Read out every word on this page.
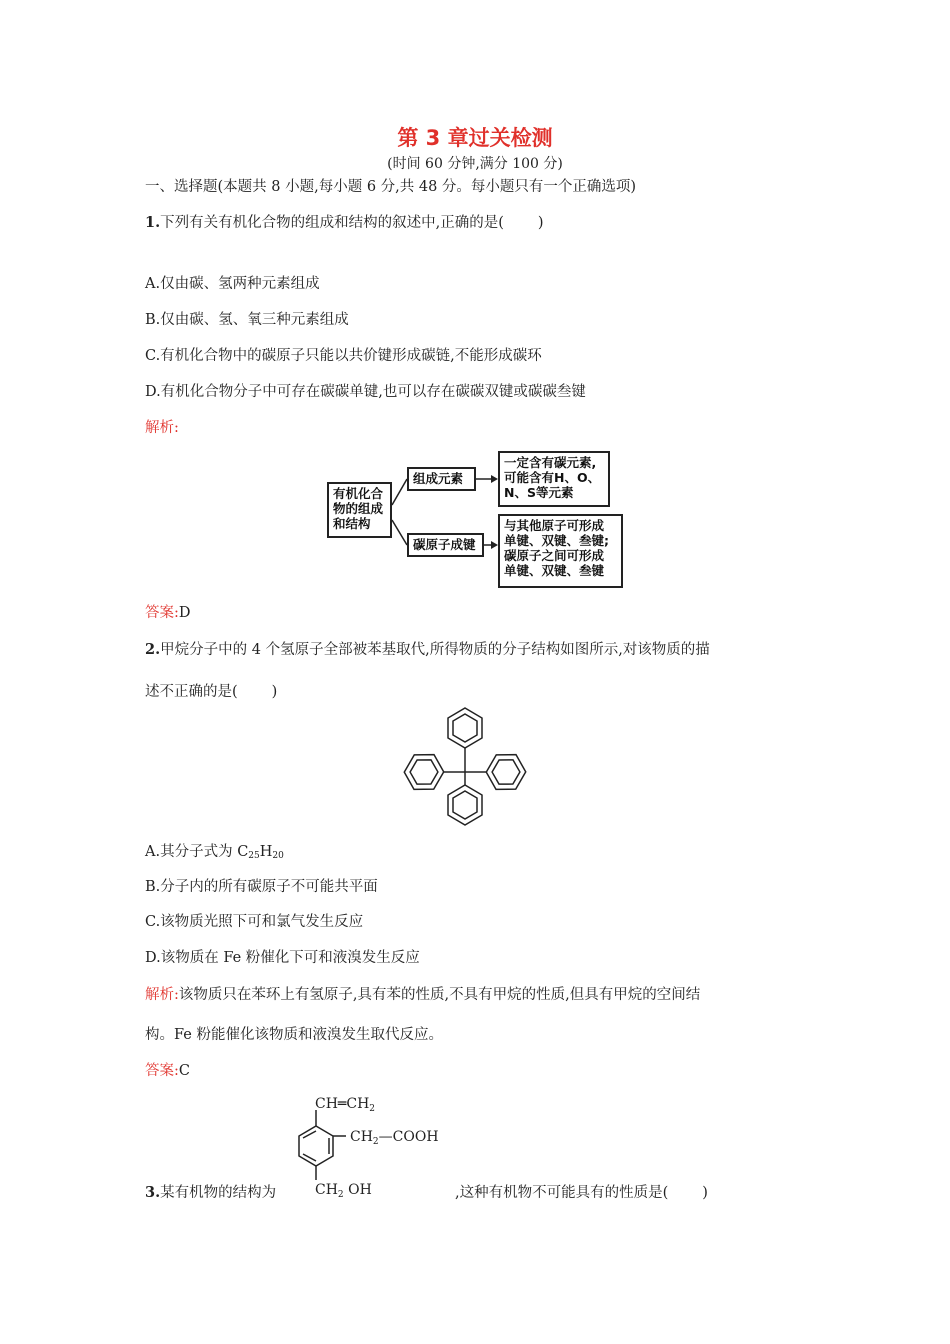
第 3 章过关检测
(时间 60 分钟,满分 100 分)
一、选择题(本题共 8 小题,每小题 6 分,共 48 分。每小题只有一个正确选项)
1.下列有关有机化合物的组成和结构的叙述中,正确的是( )
A.仅由碳、氢两种元素组成
B.仅由碳、氢、氧三种元素组成
C.有机化合物中的碳原子只能以共价键形成碳链,不能形成碳环
D.有机化合物分子中可存在碳碳单键,也可以存在碳碳双键或碳碳叁键
解析:
有机化合
物的组成
和结构
组成元素
一定含有碳元素,
可能含有H、O、
N、S等元素
碳原子成键
与其他原子可形成
单键、双键、叁键;
碳原子之间可形成
单键、双键、叁键
答案:D
2.甲烷分子中的 4 个氢原子全部被苯基取代,所得物质的分子结构如图所示,对该物质的描
述不正确的是( )
A.其分子式为 $C_{25}H_{20}$
B.分子内的所有碳原子不可能共平面
C.该物质光照下可和氯气发生反应
D.该物质在 Fe 粉催化下可和液溴发生反应
解析:该物质只在苯环上有氢原子,具有苯的性质,不具有甲烷的性质,但具有甲烷的空间结
构。Fe 粉能催化该物质和液溴发生取代反应。
答案:C
$CH═CH_2$
$CH_2—COOH$
$CH_2$ OH
3.某有机物的结构为	,这种有机物不可能具有的性质是( )
